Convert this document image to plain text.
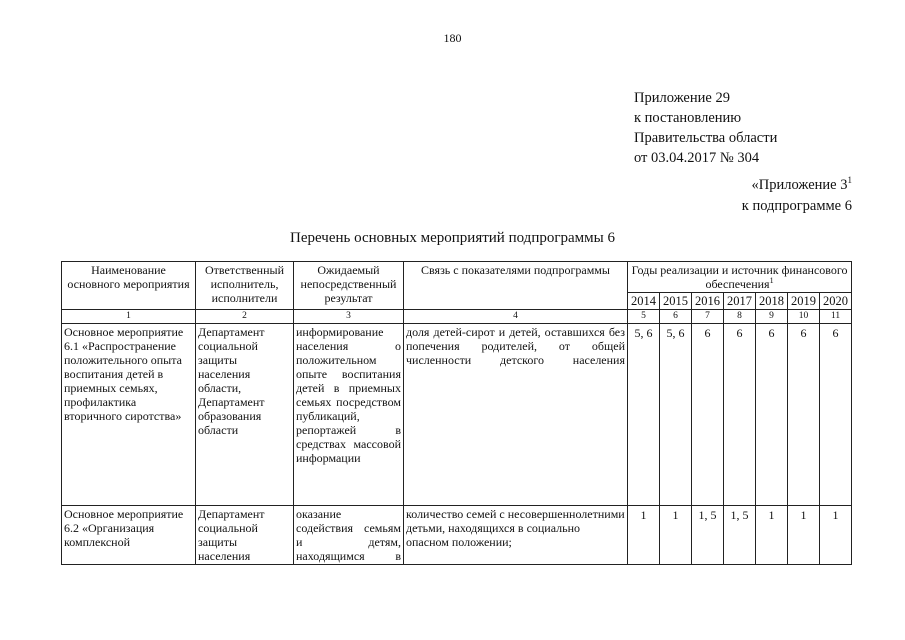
180
Приложение 29
к постановлению
Правительства области
от 03.04.2017 № 304
«Приложение $3^1$
к подпрограмме 6
Перечень основных мероприятий подпрограммы 6
Наименование основного мероприятия	Ответственный исполнитель, исполнители	Ожидаемый непосредственный результат	Связь с показателями подпрограммы	Годы реализации и источник финансового обеспечения$^1$
				2014	2015	2016	2017	2018	2019	2020
1	2	3	4	5	6	7	8	9	10	11
Основное мероприятие 6.1 «Распространение положительного опыта воспитания детей в приемных семьях, профилактика вторичного сиротства»	Департамент социальной защиты населения области, Департамент образования области	информирование населения о положительном опыте воспитания детей в приемных семьях посредством публикаций, репортажей в средствах массовой информации	доля детей-сирот и детей, оставшихся без попечения родителей, от общей численности детского населения	5, 6	5, 6	6	6	6	6	6
Основное мероприятие 6.2 «Организация комплексной	Департамент социальной защиты населения	оказание содействия семьям и детям, находящимся в	количество семей с несовершеннолетними детьми, находящихся в социально опасном положении;	1	1	1, 5	1, 5	1	1	1
